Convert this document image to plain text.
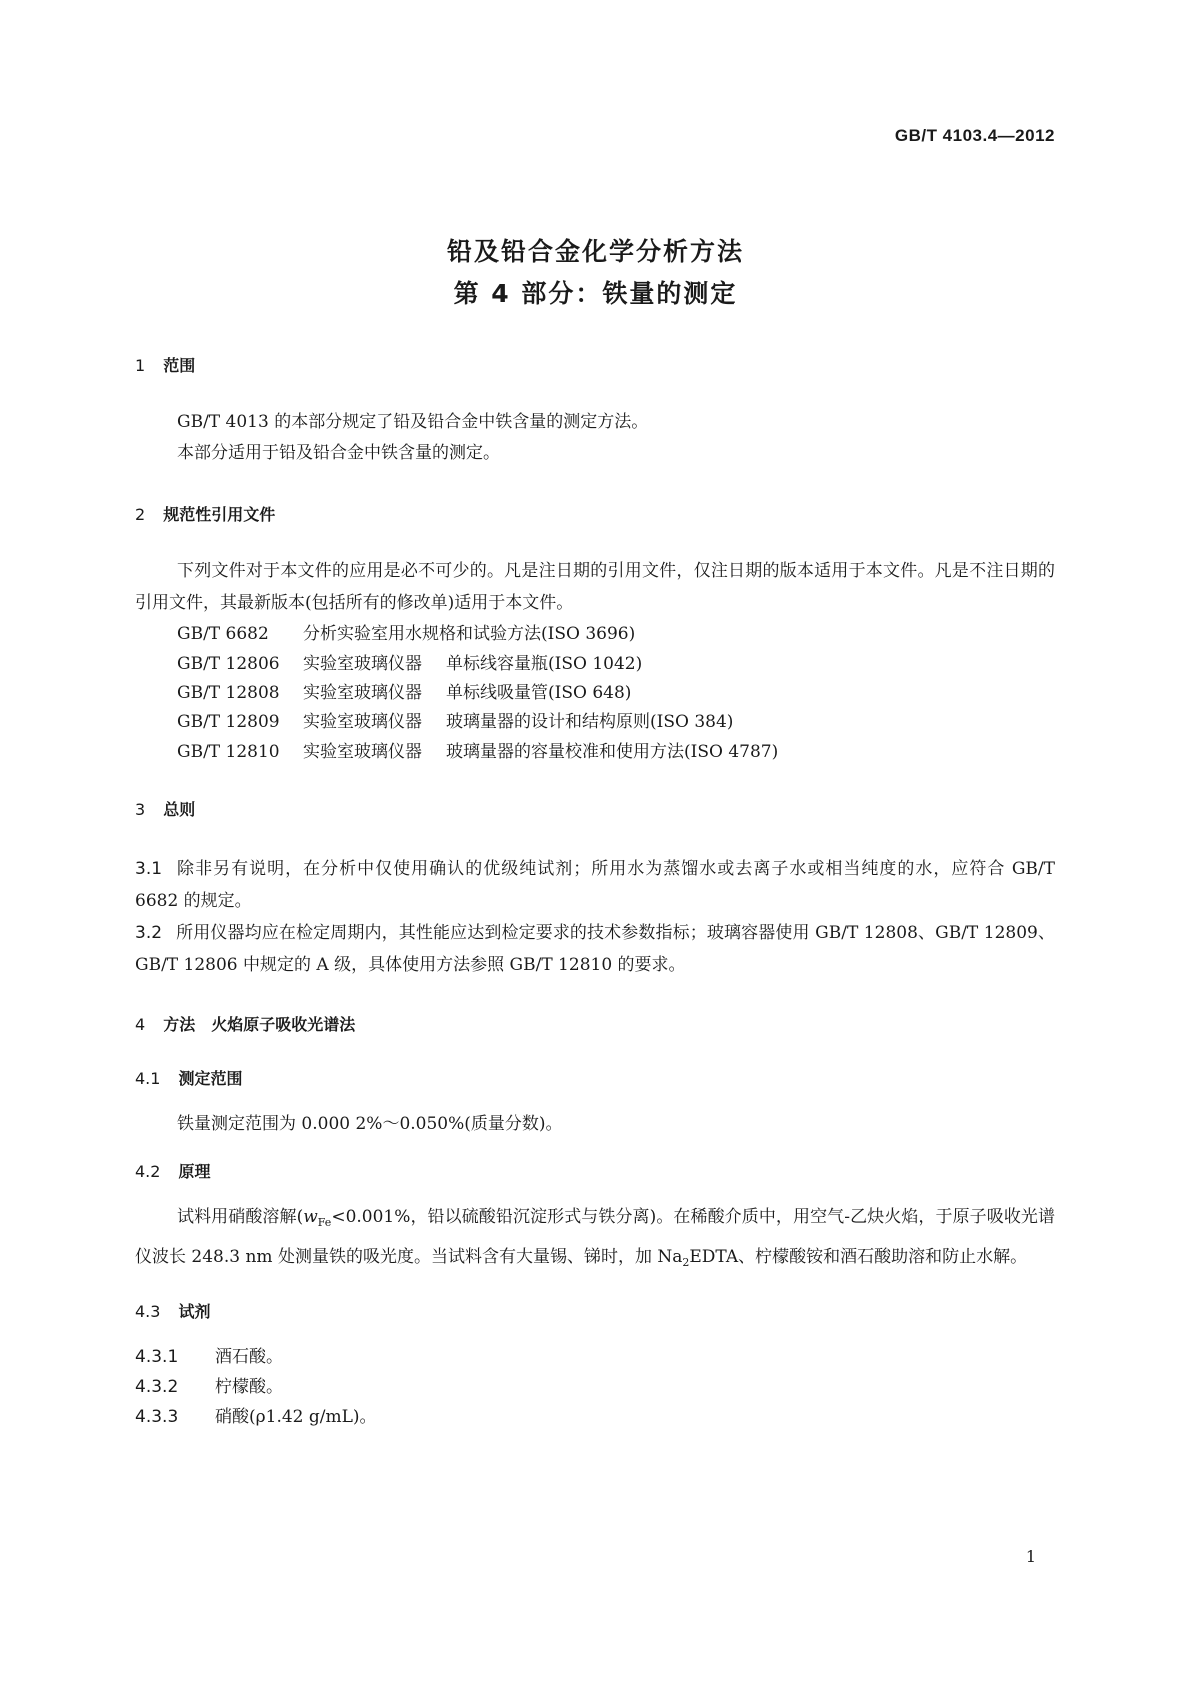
GB/T 4103.4—2012
铅及铅合金化学分析方法
第 4 部分：铁量的测定
1 范围
GB/T 4013 的本部分规定了铅及铅合金中铁含量的测定方法。
本部分适用于铅及铅合金中铁含量的测定。
2 规范性引用文件
下列文件对于本文件的应用是必不可少的。凡是注日期的引用文件，仅注日期的版本适用于本文件。凡是不注日期的引用文件，其最新版本(包括所有的修改单)适用于本文件。
GB/T 6682 分析实验室用水规格和试验方法(ISO 3696)
GB/T 12806 实验室玻璃仪器 单标线容量瓶(ISO 1042)
GB/T 12808 实验室玻璃仪器 单标线吸量管(ISO 648)
GB/T 12809 实验室玻璃仪器 玻璃量器的设计和结构原则(ISO 384)
GB/T 12810 实验室玻璃仪器 玻璃量器的容量校准和使用方法(ISO 4787)
3 总则
3.1 除非另有说明，在分析中仅使用确认的优级纯试剂；所用水为蒸馏水或去离子水或相当纯度的水，应符合 GB/T 6682 的规定。
3.2 所用仪器均应在检定周期内，其性能应达到检定要求的技术参数指标；玻璃容器使用 GB/T 12808、GB/T 12809、GB/T 12806 中规定的 A 级，具体使用方法参照 GB/T 12810 的要求。
4 方法　火焰原子吸收光谱法
4.1 测定范围
铁量测定范围为 0.000 2%～0.050%(质量分数)。
4.2 原理
试料用硝酸溶解($w_{Fe}<0.001\%$，铅以硫酸铅沉淀形式与铁分离)。在稀酸介质中，用空气-乙炔火焰，于原子吸收光谱仪波长 248.3 nm 处测量铁的吸光度。当试料含有大量锡、锑时，加 $Na_2EDTA$、柠檬酸铵和酒石酸助溶和防止水解。
4.3 试剂
4.3.1 酒石酸。
4.3.2 柠檬酸。
4.3.3 硝酸(ρ1.42 g/mL)。
1
